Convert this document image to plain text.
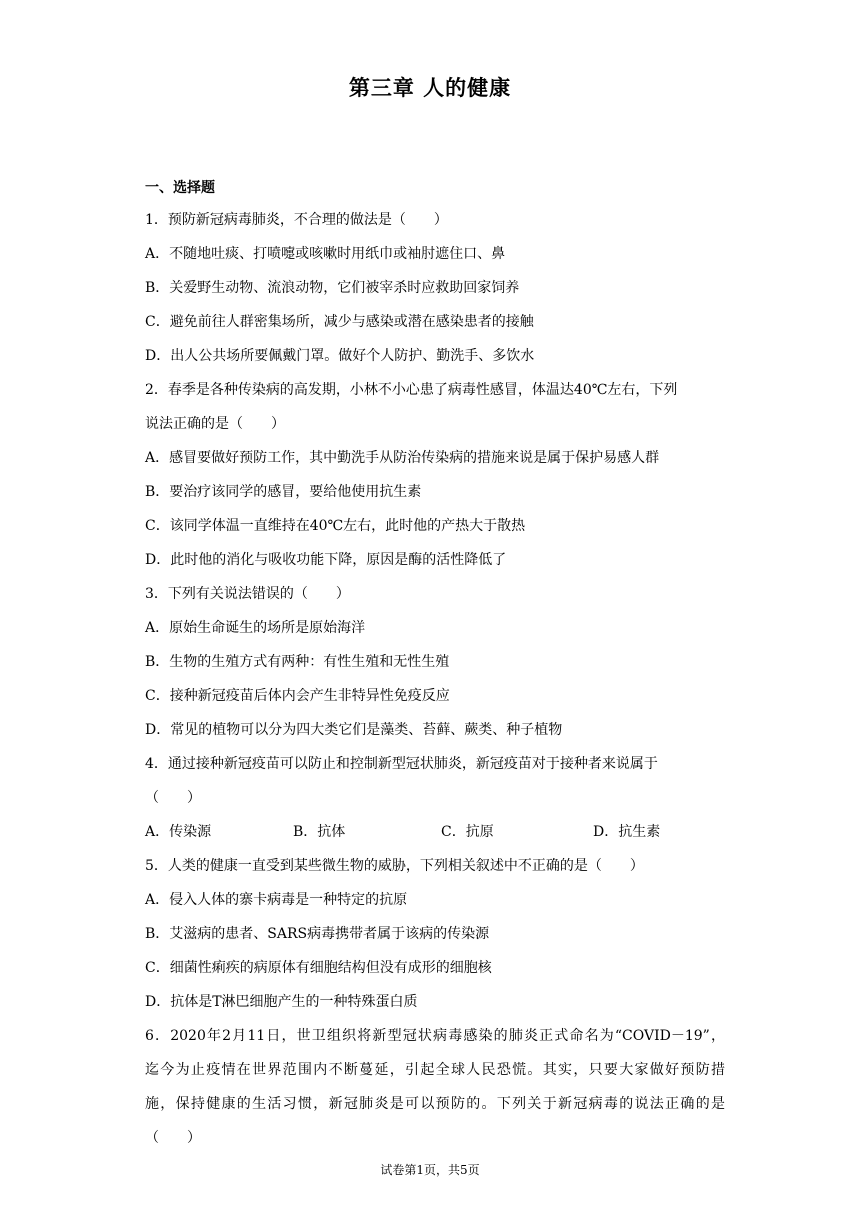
第三章 人的健康
一、选择题
1．预防新冠病毒肺炎，不合理的做法是（　　）
A．不随地吐痰、打喷嚏或咳嗽时用纸巾或袖肘遮住口、鼻
B．关爱野生动物、流浪动物，它们被宰杀时应救助回家饲养
C．避免前往人群密集场所，减少与感染或潜在感染患者的接触
D．出人公共场所要佩戴门罩。做好个人防护、勤洗手、多饮水
2．春季是各种传染病的高发期，小林不小心患了病毒性感冒，体温达40℃左右，下列
说法正确的是（　　）
A．感冒要做好预防工作，其中勤洗手从防治传染病的措施来说是属于保护易感人群
B．要治疗该同学的感冒，要给他使用抗生素
C．该同学体温一直维持在40℃左右，此时他的产热大于散热
D．此时他的消化与吸收功能下降，原因是酶的活性降低了
3．下列有关说法错误的（　　）
A．原始生命诞生的场所是原始海洋
B．生物的生殖方式有两种：有性生殖和无性生殖
C．接种新冠疫苗后体内会产生非特异性免疫反应
D．常见的植物可以分为四大类它们是藻类、苔藓、蕨类、种子植物
4．通过接种新冠疫苗可以防止和控制新型冠状肺炎，新冠疫苗对于接种者来说属于
（　　）
A．传染源	B．抗体	C．抗原	D．抗生素
5．人类的健康一直受到某些微生物的威胁，下列相关叙述中不正确的是（　　）
A．侵入人体的寨卡病毒是一种特定的抗原
B．艾滋病的患者、SARS病毒携带者属于该病的传染源
C．细菌性痢疾的病原体有细胞结构但没有成形的细胞核
D．抗体是T淋巴细胞产生的一种特殊蛋白质
6．2020年2月11日，世卫组织将新型冠状病毒感染的肺炎正式命名为“COVID－19”，
迄今为止疫情在世界范围内不断蔓延，引起全球人民恐慌。其实，只要大家做好预防措
施，保持健康的生活习惯，新冠肺炎是可以预防的。下列关于新冠病毒的说法正确的是
（　　）
试卷第1页，共5页
